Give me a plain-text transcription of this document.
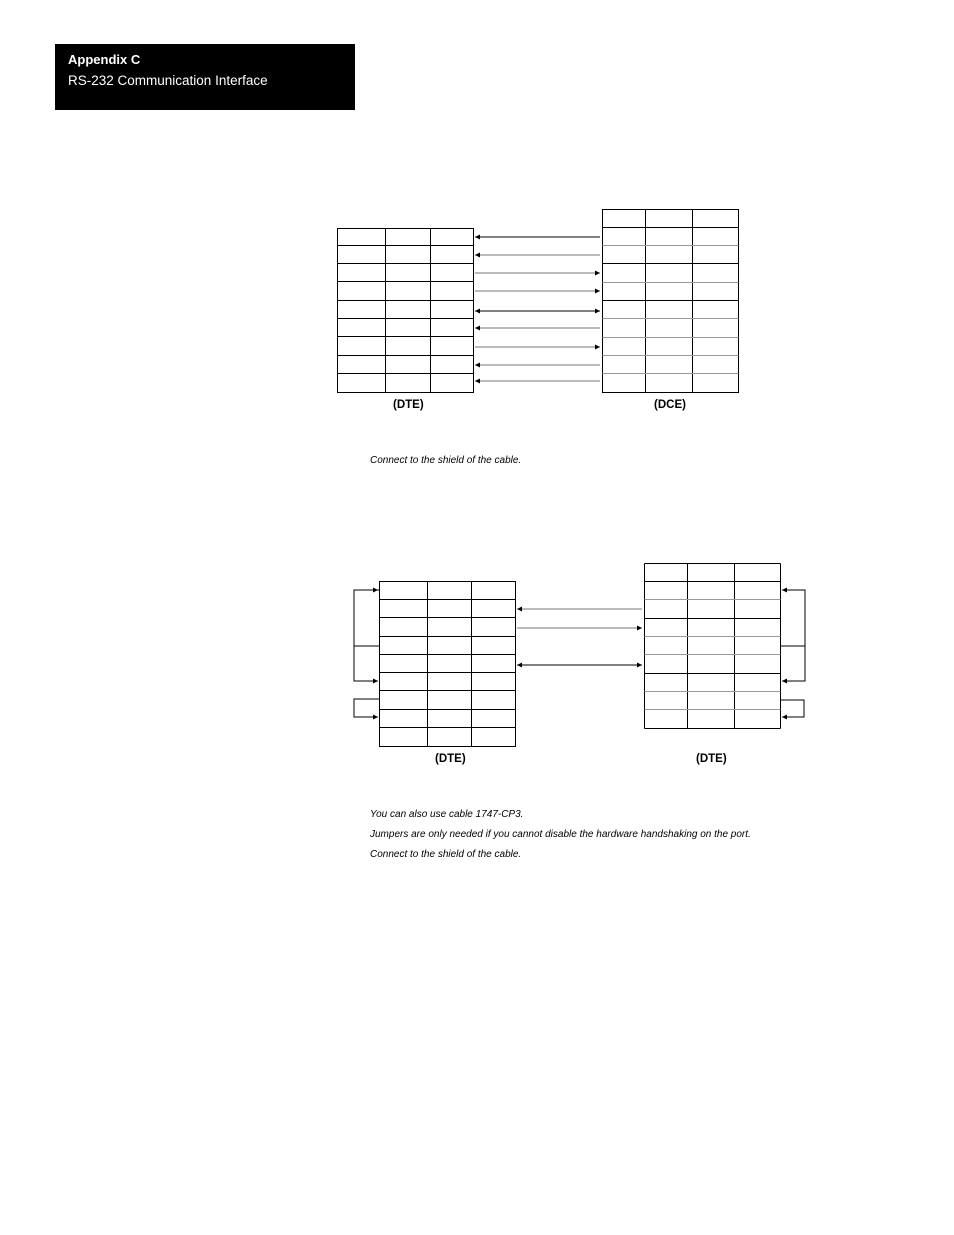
Appendix C
RS-232 Communication Interface
(DTE)	(DCE)
Connect to the shield of the cable.
(DTE)	(DTE)
You can also use cable 1747-CP3.
Jumpers are only needed if you cannot disable the hardware handshaking on the port.
Connect to the shield of the cable.
